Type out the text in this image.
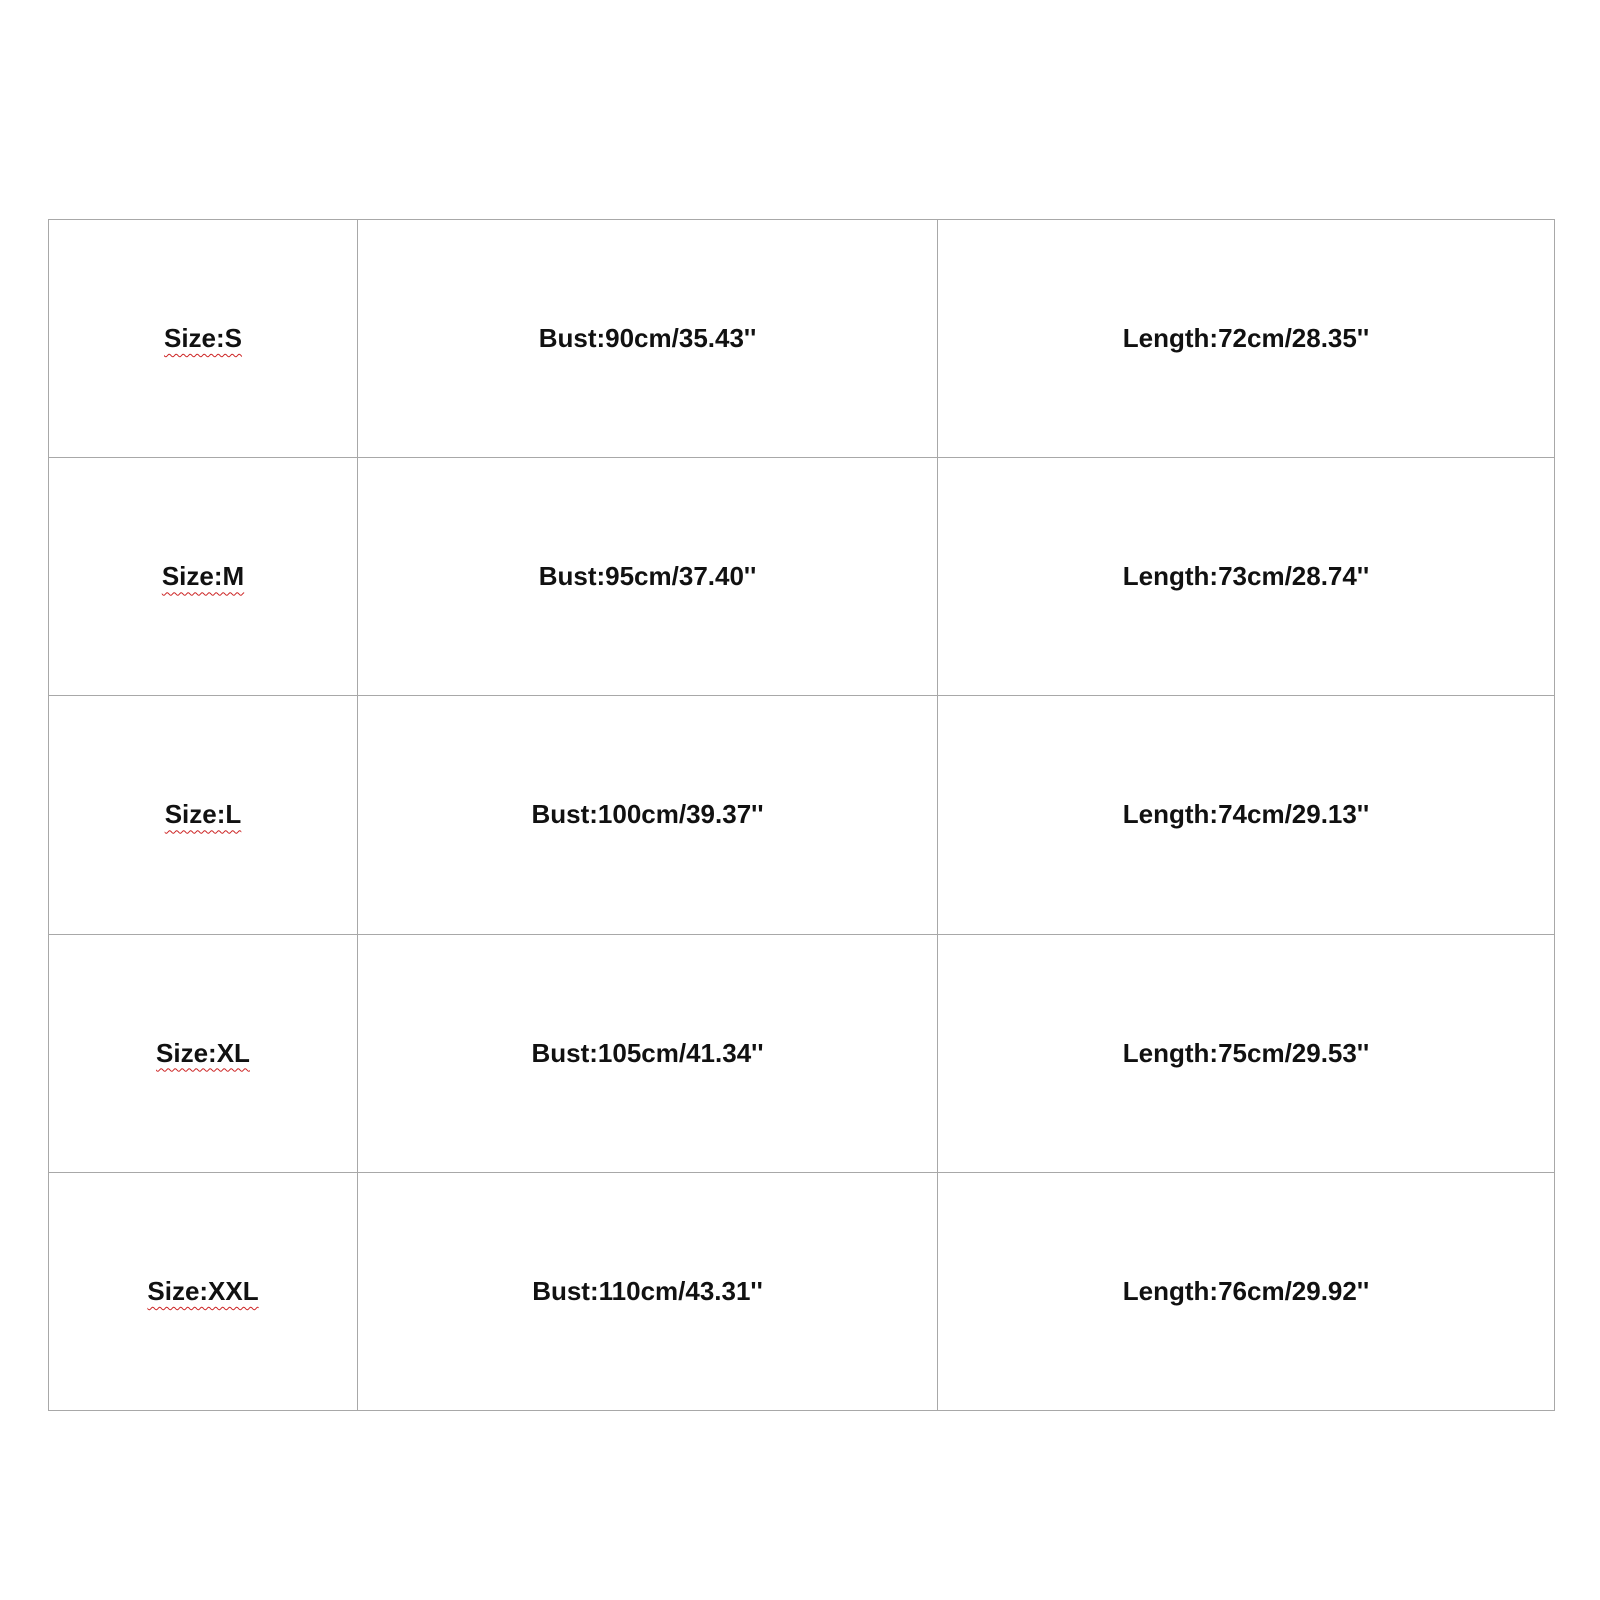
Size:S	Bust:90cm/35.43''	Length:72cm/28.35''
Size:M	Bust:95cm/37.40''	Length:73cm/28.74''
Size:L	Bust:100cm/39.37''	Length:74cm/29.13''
Size:XL	Bust:105cm/41.34''	Length:75cm/29.53''
Size:XXL	Bust:110cm/43.31''	Length:76cm/29.92''
